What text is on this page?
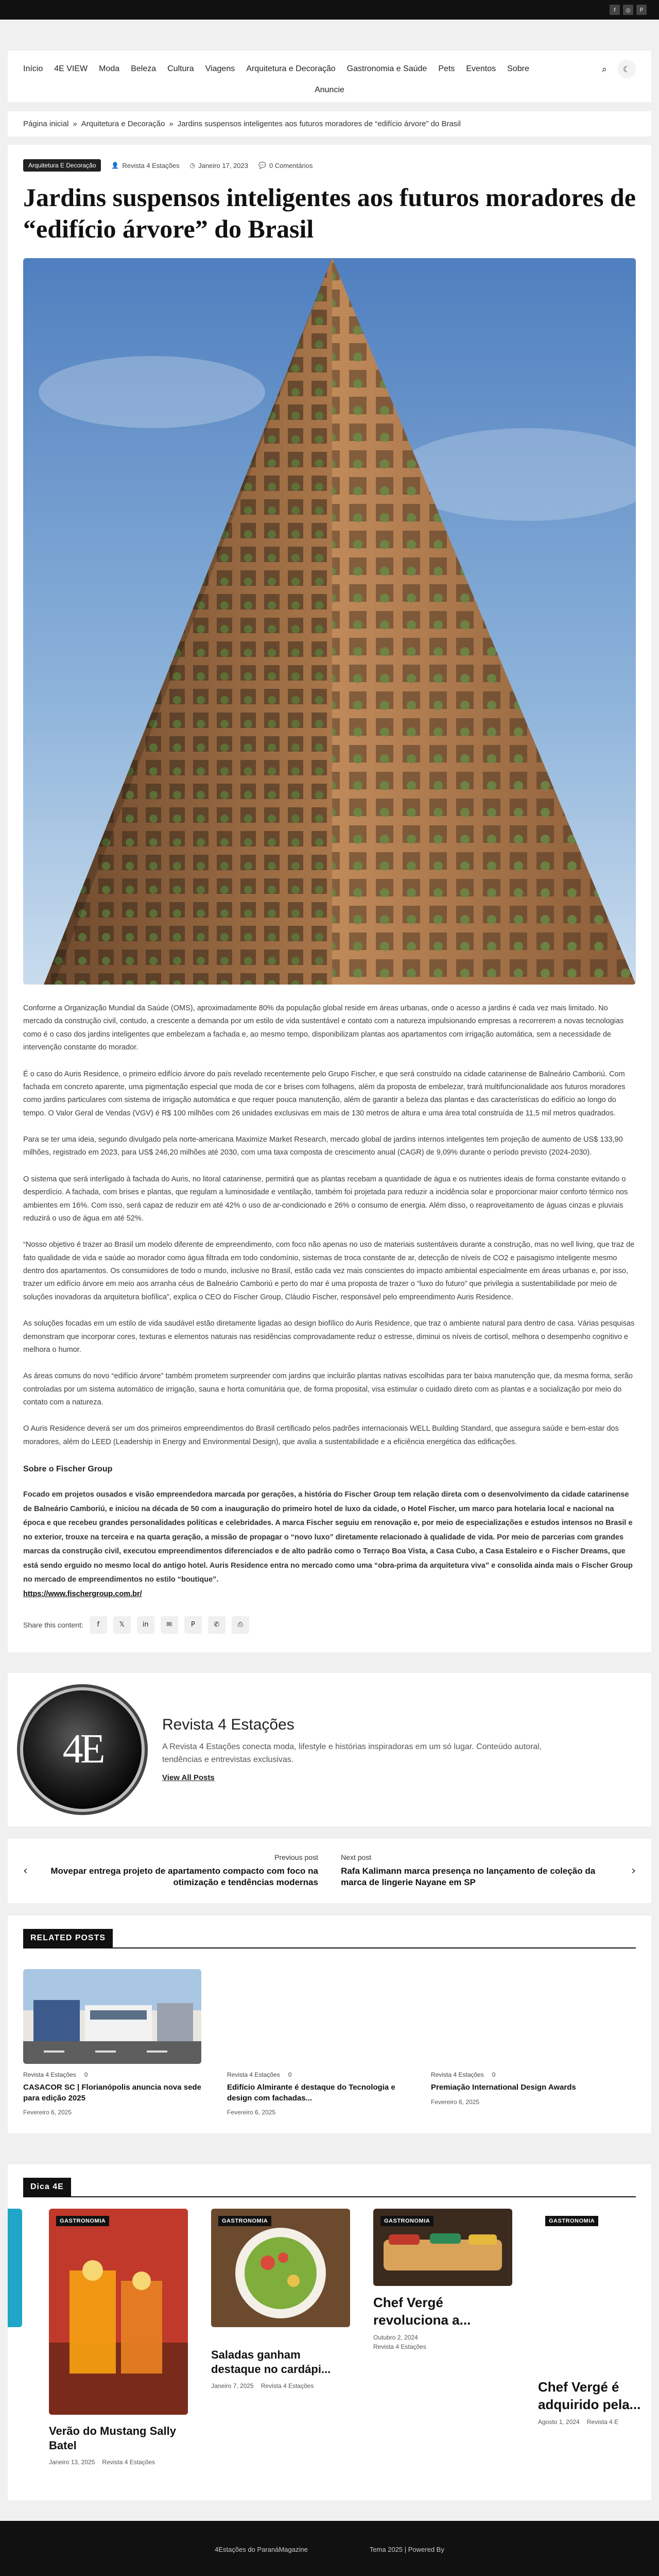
f	◎	P
Início 4E VIEW Moda Beleza Cultura Viagens Arquitetura e Decoração Gastronomia e Saúde Pets Eventos Sobre	⌕	☾
Anuncie
Página inicial » Arquitetura e Decoração » Jardins suspensos inteligentes aos futuros moradores de “edifício árvore” do Brasil
Arquitetura E Decoração	👤 Revista 4 Estações ◷ Janeiro 17, 2023 💬 0 Comentários
Jardins suspensos inteligentes aos futuros moradores de “edifício árvore” do Brasil

Conforme a Organização Mundial da Saúde (OMS), aproximadamente 80% da população global reside em áreas urbanas, onde o acesso a jardins é cada vez mais limitado. No mercado da construção civil, contudo, a crescente a demanda por um estilo de vida sustentável e contato com a natureza impulsionando empresas a recorrerem a novas tecnologias como é o caso dos jardins inteligentes que embelezam a fachada e, ao mesmo tempo, disponibilizam plantas aos apartamentos com irrigação automática, sem a necessidade de intervenção constante do morador.

É o caso do Auris Residence, o primeiro edifício árvore do país revelado recentemente pelo Grupo Fischer, e que será construído na cidade catarinense de Balneário Camboriú. Com fachada em concreto aparente, uma pigmentação especial que moda de cor e brises com folhagens, além da proposta de embelezar, trará multifuncionalidade aos futuros moradores como jardins particulares com sistema de irrigação automática e que requer pouca manutenção, além de garantir a beleza das plantas e das características do edifício ao longo do tempo. O Valor Geral de Vendas (VGV) é R$ 100 milhões com 26 unidades exclusivas em mais de 130 metros de altura e uma área total construída de 11,5 mil metros quadrados.

Para se ter uma ideia, segundo divulgado pela norte-americana Maximize Market Research, mercado global de jardins internos inteligentes tem projeção de aumento de US$ 133,90 milhões, registrado em 2023, para US$ 246,20 milhões até 2030, com uma taxa composta de crescimento anual (CAGR) de 9,09% durante o período previsto (2024-2030).

O sistema que será interligado à fachada do Auris, no litoral catarinense, permitirá que as plantas recebam a quantidade de água e os nutrientes ideais de forma constante evitando o desperdício. A fachada, com brises e plantas, que regulam a luminosidade e ventilação, também foi projetada para reduzir a incidência solar e proporcionar maior conforto térmico nos ambientes em 16%. Com isso, será capaz de reduzir em até 42% o uso de ar-condicionado e 26% o consumo de energia. Além disso, o reaproveitamento de águas cinzas e pluviais reduzirá o uso de água em até 52%.

“Nosso objetivo é trazer ao Brasil um modelo diferente de empreendimento, com foco não apenas no uso de materiais sustentáveis durante a construção, mas no well living, que traz de fato qualidade de vida e saúde ao morador como água filtrada em todo condomínio, sistemas de troca constante de ar, detecção de níveis de CO2 e paisagismo inteligente mesmo dentro dos apartamentos. Os consumidores de todo o mundo, inclusive no Brasil, estão cada vez mais conscientes do impacto ambiental especialmente em áreas urbanas e, por isso, trazer um edifício árvore em meio aos arranha céus de Balneário Camboriú e perto do mar é uma proposta de trazer o “luxo do futuro” que privilegia a sustentabilidade por meio de soluções inovadoras da arquitetura biofílica”, explica o CEO do Fischer Group, Cláudio Fischer, responsável pelo empreendimento Auris Residence.

As soluções focadas em um estilo de vida saudável estão diretamente ligadas ao design biofílico do Auris Residence, que traz o ambiente natural para dentro de casa. Várias pesquisas demonstram que incorporar cores, texturas e elementos naturais nas residências comprovadamente reduz o estresse, diminui os níveis de cortisol, melhora o desempenho cognitivo e melhora o humor.

As áreas comuns do novo “edifício árvore” também prometem surpreender com jardins que incluirão plantas nativas escolhidas para ter baixa manutenção que, da mesma forma, serão controladas por um sistema automático de irrigação, sauna e horta comunitária que, de forma proposital, visa estimular o cuidado direto com as plantas e a socialização por meio do contato com a natureza.

O Auris Residence deverá ser um dos primeiros empreendimentos do Brasil certificado pelos padrões internacionais WELL Building Standard, que assegura saúde e bem-estar dos moradores, além do LEED (Leadership in Energy and Environmental Design), que avalia a sustentabilidade e a eficiência energética das edificações.

Sobre o Fischer Group

Focado em projetos ousados e visão empreendedora marcada por gerações, a história do Fischer Group tem relação direta com o desenvolvimento da cidade catarinense de Balneário Camboriú, e iniciou na década de 50 com a inauguração do primeiro hotel de luxo da cidade, o Hotel Fischer, um marco para hotelaria local e nacional na época e que recebeu grandes personalidades políticas e celebridades. A marca Fischer seguiu em renovação e, por meio de especializações e estudos intensos no Brasil e no exterior, trouxe na terceira e na quarta geração, a missão de propagar o “novo luxo” diretamente relacionado à qualidade de vida. Por meio de parcerias com grandes marcas da construção civil, executou empreendimentos diferenciados e de alto padrão como o Terraço Boa Vista, a Casa Cubo, a Casa Estaleiro e o Fischer Dreams, que está sendo erguido no mesmo local do antigo hotel. Auris Residence entra no mercado como uma “obra-prima da arquitetura viva” e consolida ainda mais o Fischer Group no mercado de empreendimentos no estilo “boutique”.
https://www.fischergroup.com.br/

Share this content:	f	𝕏	in	✉	P	✆	⎙
4E
Revista 4 Estações

A Revista 4 Estações conecta moda, lifestyle e histórias inspiradoras em um só lugar. Conteúdo autoral, tendências e entrevistas exclusivas.

View All Posts
‹
Previous post
Movepar entrega projeto de apartamento compacto com foco na otimização e tendências modernas
Next post
Rafa Kalimann marca presença no lançamento de coleção da marca de lingerie Nayane em SP
›
RELATED POSTS
Revista 4 Estações 0
CASACOR SC | Florianópolis anuncia nova sede para edição 2025
Fevereiro 6, 2025
Revista 4 Estações 0
Edifício Almirante é destaque do Tecnologia e design com fachadas...
Fevereiro 6, 2025
Revista 4 Estações 0
Premiação International Design Awards
Fevereiro 6, 2025
Dica 4E
GASTRONOMIA
Verão do Mustang Sally Batel
Janeiro 13, 2025 Revista 4 Estações
GASTRONOMIA
Saladas ganham destaque no cardápi...
Janeiro 7, 2025 Revista 4 Estações
GASTRONOMIA
Chef Vergé revoluciona a...
Outubro 2, 2024
Revista 4 Estações
GASTRONOMIA
Chef Vergé é adquirido pela...
Agosto 1, 2024 Revista 4 E
4Estações do ParanáMagazine	Tema 2025 | Powered By
